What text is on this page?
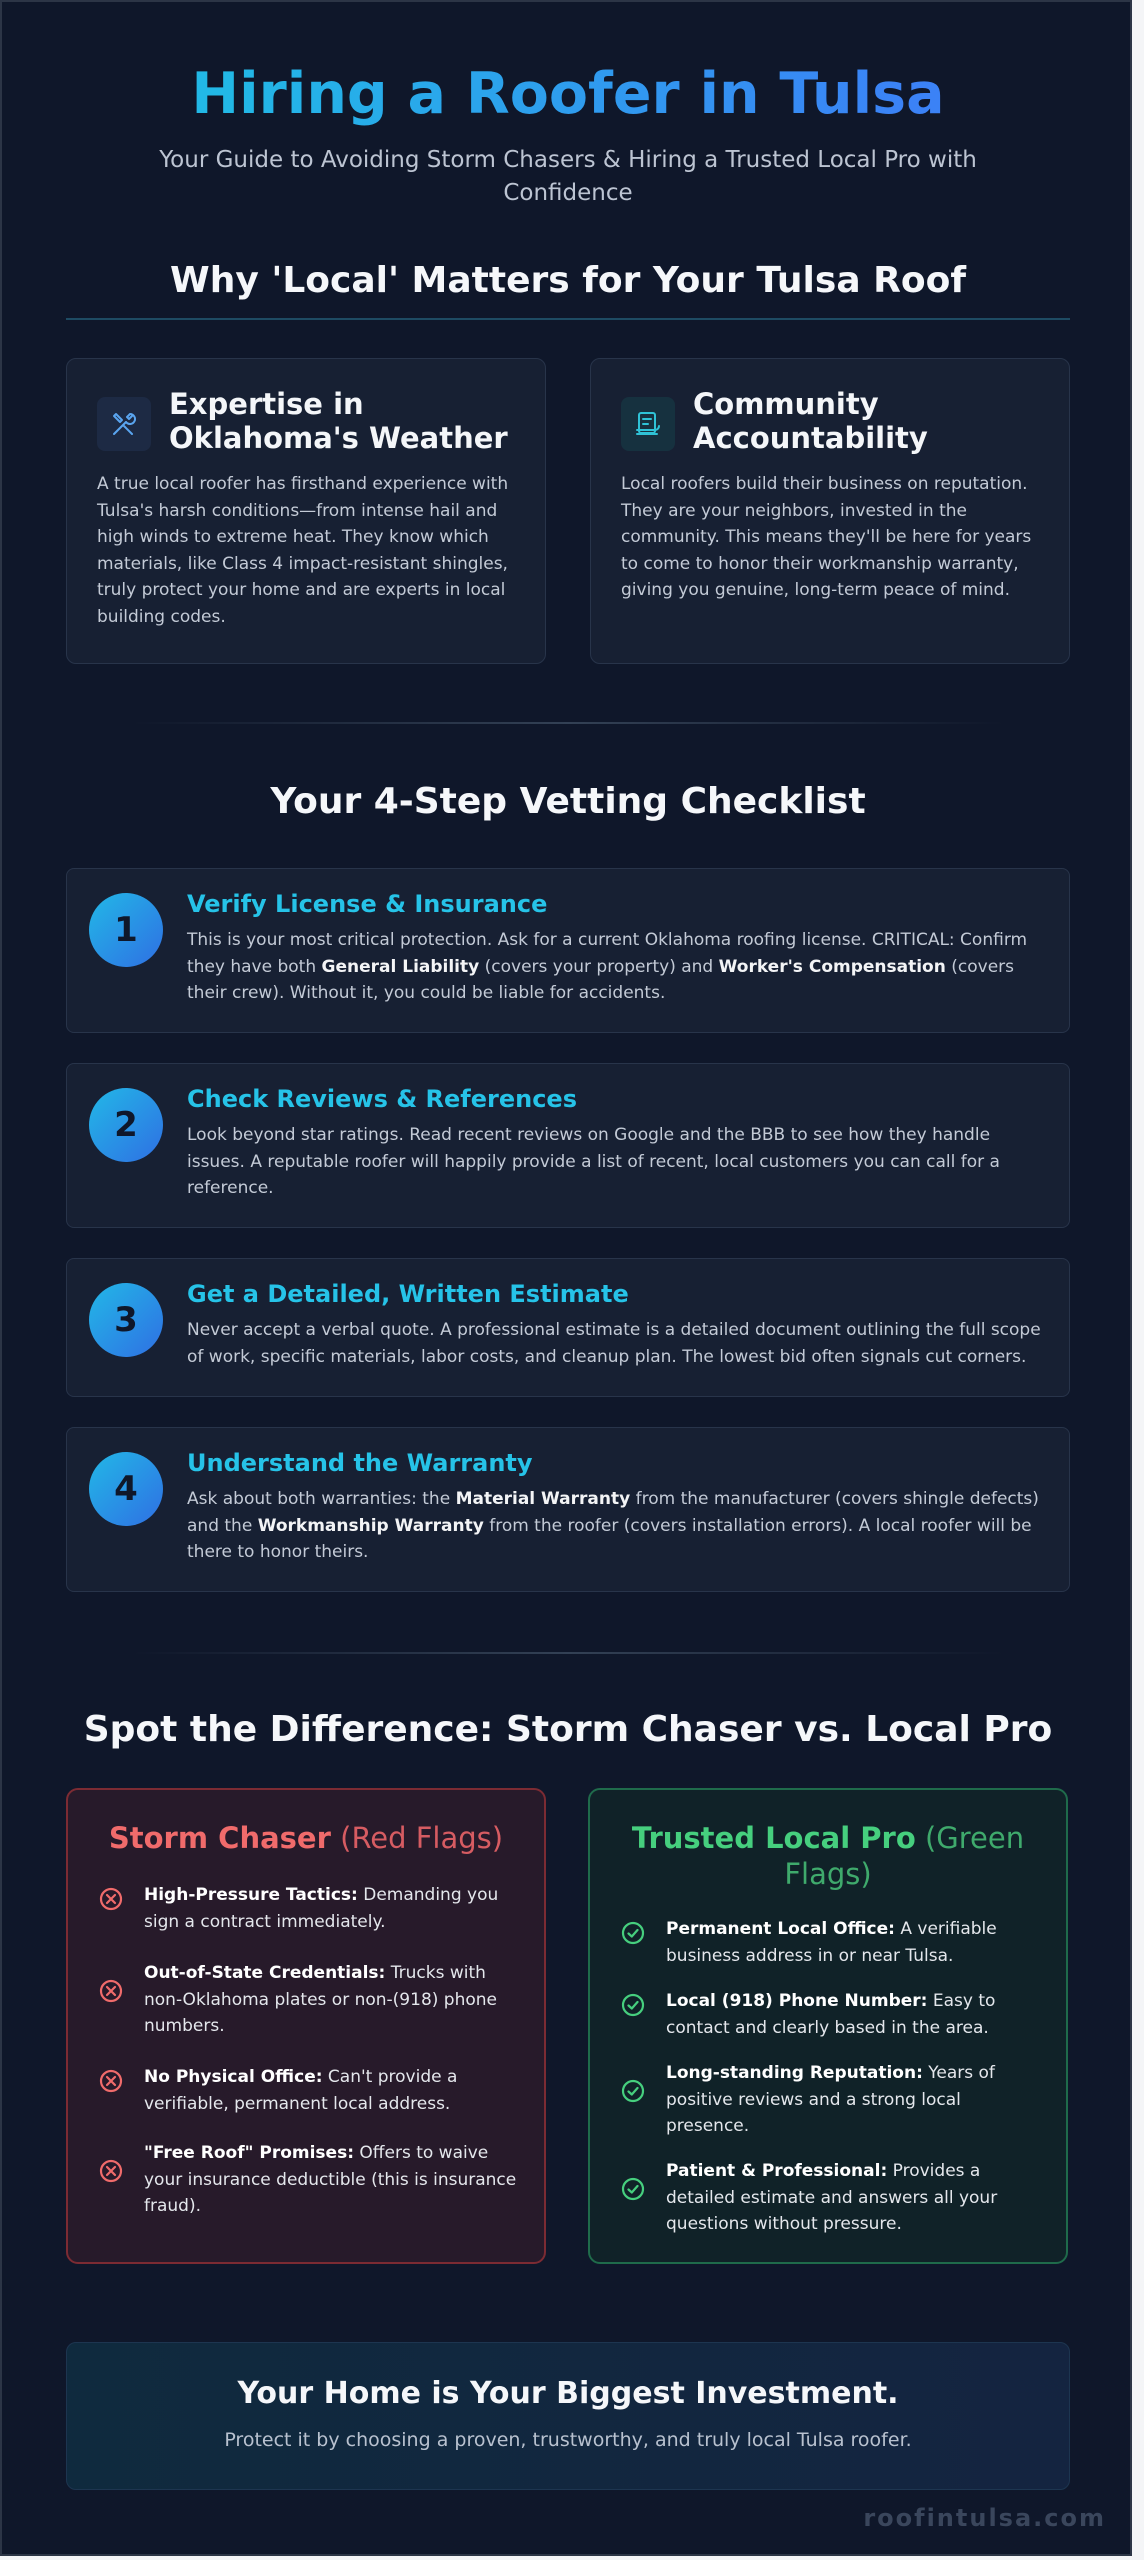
Hiring a Roofer in Tulsa
Your Guide to Avoiding Storm Chasers & Hiring a Trusted Local Pro with Confidence
Why 'Local' Matters for Your Tulsa Roof
Expertise in Oklahoma's Weather
A true local roofer has firsthand experience with Tulsa's harsh conditions—from intense hail and high winds to extreme heat. They know which materials, like Class 4 impact-resistant shingles, truly protect your home and are experts in local building codes.
Community Accountability
Local roofers build their business on reputation. They are your neighbors, invested in the community. This means they'll be here for years to come to honor their workmanship warranty, giving you genuine, long-term peace of mind.
Your 4-Step Vetting Checklist
1
Verify License & Insurance
This is your most critical protection. Ask for a current Oklahoma roofing license. CRITICAL: Confirm they have both General Liability (covers your property) and Worker's Compensation (covers their crew). Without it, you could be liable for accidents.
2
Check Reviews & References
Look beyond star ratings. Read recent reviews on Google and the BBB to see how they handle issues. A reputable roofer will happily provide a list of recent, local customers you can call for a reference.
3
Get a Detailed, Written Estimate
Never accept a verbal quote. A professional estimate is a detailed document outlining the full scope of work, specific materials, labor costs, and cleanup plan. The lowest bid often signals cut corners.
4
Understand the Warranty
Ask about both warranties: the Material Warranty from the manufacturer (covers shingle defects) and the Workmanship Warranty from the roofer (covers installation errors). A local roofer will be there to honor theirs.
Spot the Difference: Storm Chaser vs. Local Pro
Storm Chaser (Red Flags)
High-Pressure Tactics: Demanding you sign a contract immediately.
Out-of-State Credentials: Trucks with non-Oklahoma plates or non-(918) phone numbers.
No Physical Office: Can't provide a verifiable, permanent local address.
"Free Roof" Promises: Offers to waive your insurance deductible (this is insurance fraud).
Trusted Local Pro (Green Flags)
Permanent Local Office: A verifiable business address in or near Tulsa.
Local (918) Phone Number: Easy to contact and clearly based in the area.
Long-standing Reputation: Years of positive reviews and a strong local presence.
Patient & Professional: Provides a detailed estimate and answers all your questions without pressure.
Your Home is Your Biggest Investment.
Protect it by choosing a proven, trustworthy, and truly local Tulsa roofer.
roofintulsa.com
